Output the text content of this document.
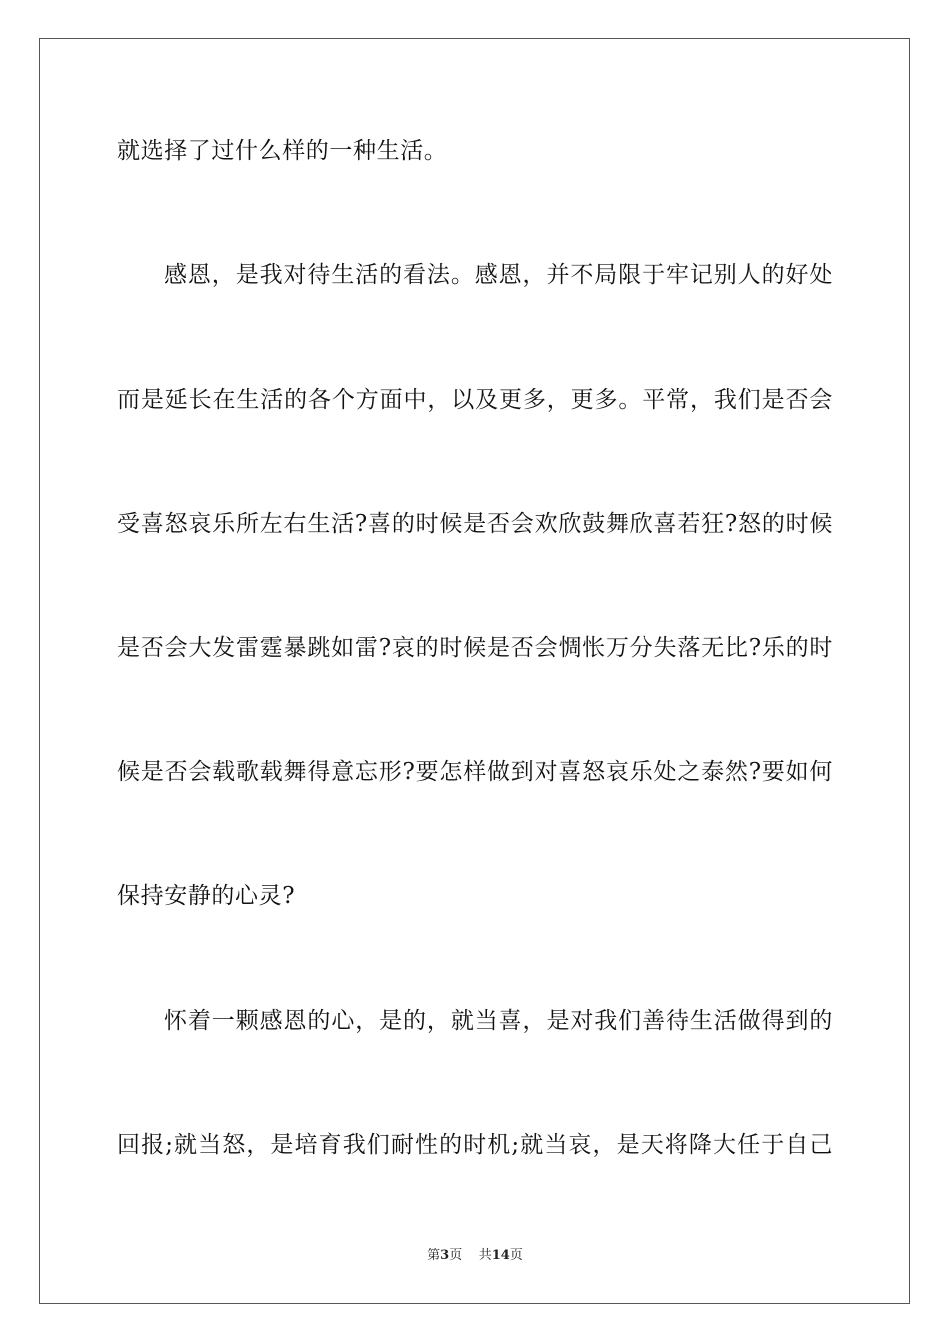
就选择了过什么样的一种生活。
感恩，是我对待生活的看法。感恩，并不局限于牢记别人的好处
而是延长在生活的各个方面中，以及更多，更多。平常，我们是否会
受喜怒哀乐所左右生活?喜的时候是否会欢欣鼓舞欣喜若狂?怒的时候
是否会大发雷霆暴跳如雷?哀的时候是否会惆怅万分失落无比?乐的时
候是否会载歌载舞得意忘形?要怎样做到对喜怒哀乐处之泰然?要如何
保持安静的心灵?
怀着一颗感恩的心，是的，就当喜，是对我们善待生活做得到的
回报;就当怒，是培育我们耐性的时机;就当哀，是天将降大任于自己
第3页 共14页
